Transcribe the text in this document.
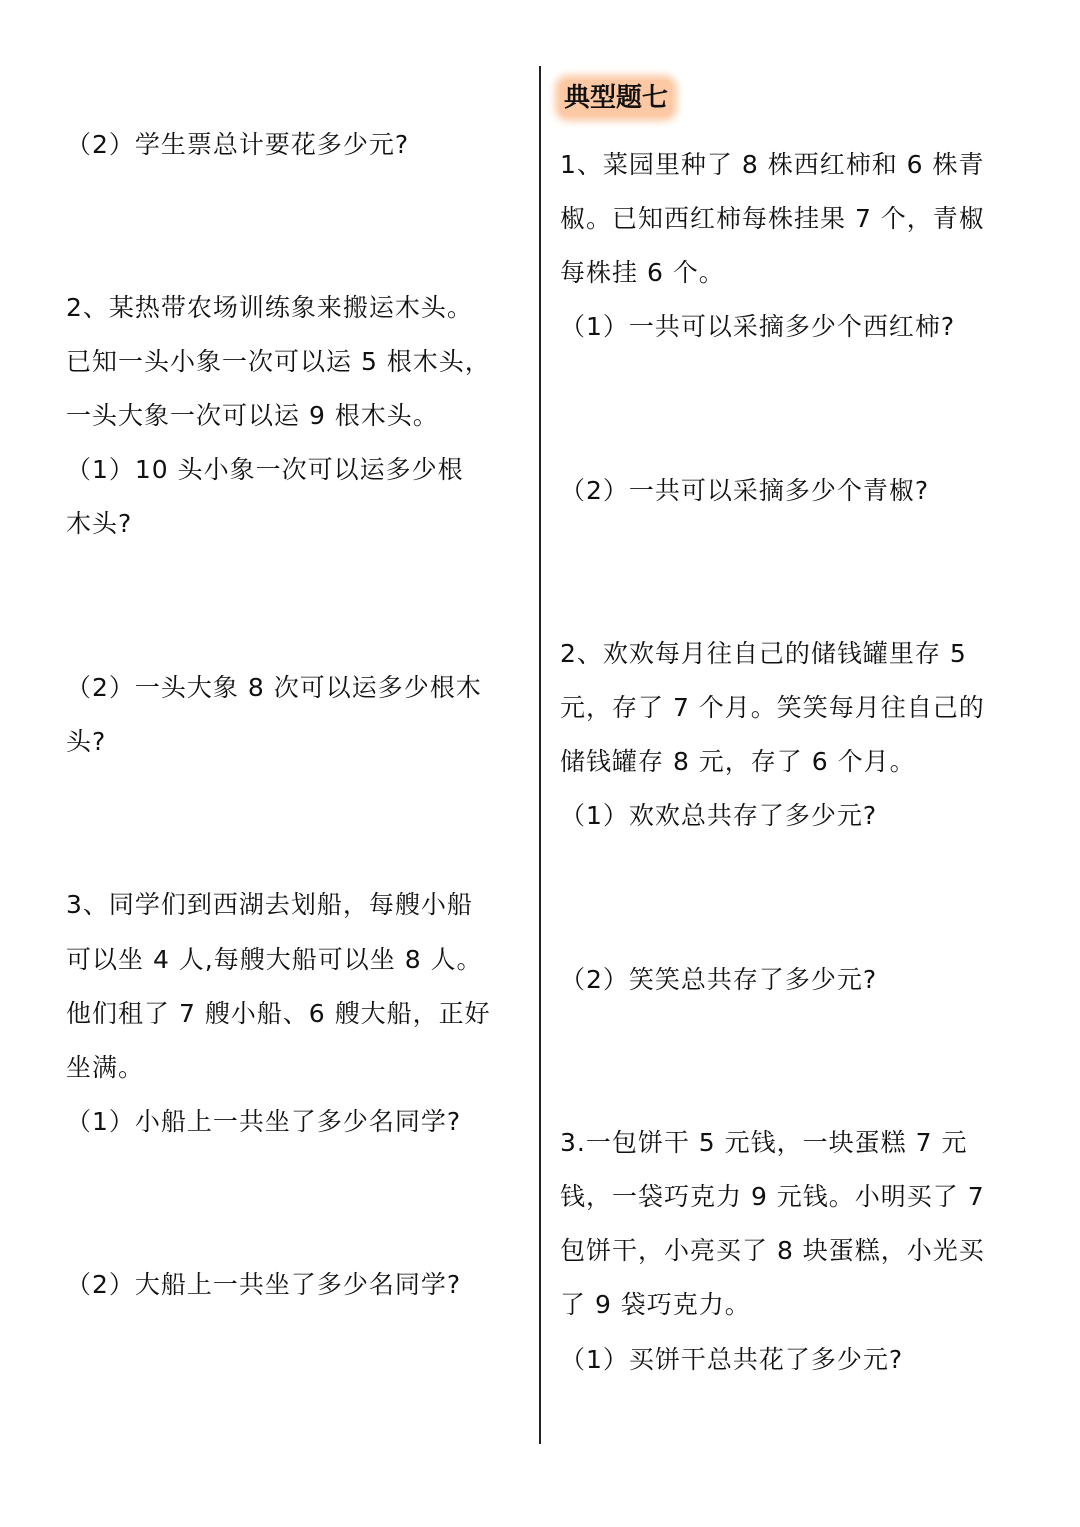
典型题七
（2）学生票总计要花多少元?
2、某热带农场训练象来搬运木头。
已知一头小象一次可以运 5 根木头，
一头大象一次可以运 9 根木头。
（1）10 头小象一次可以运多少根
木头?
（2）一头大象 8 次可以运多少根木
头?
3、同学们到西湖去划船，每艘小船
可以坐 4 人,每艘大船可以坐 8 人。
他们租了 7 艘小船、6 艘大船，正好
坐满。
（1）小船上一共坐了多少名同学?
（2）大船上一共坐了多少名同学?
1、菜园里种了 8 株西红柿和 6 株青
椒。已知西红柿每株挂果 7 个，青椒
每株挂 6 个。
（1）一共可以采摘多少个西红柿?
（2）一共可以采摘多少个青椒?
2、欢欢每月往自己的储钱罐里存 5
元，存了 7 个月。笑笑每月往自己的
储钱罐存 8 元，存了 6 个月。
（1）欢欢总共存了多少元?
（2）笑笑总共存了多少元?
3.一包饼干 5 元钱，一块蛋糕 7 元
钱，一袋巧克力 9 元钱。小明买了 7
包饼干，小亮买了 8 块蛋糕，小光买
了 9 袋巧克力。
（1）买饼干总共花了多少元?
